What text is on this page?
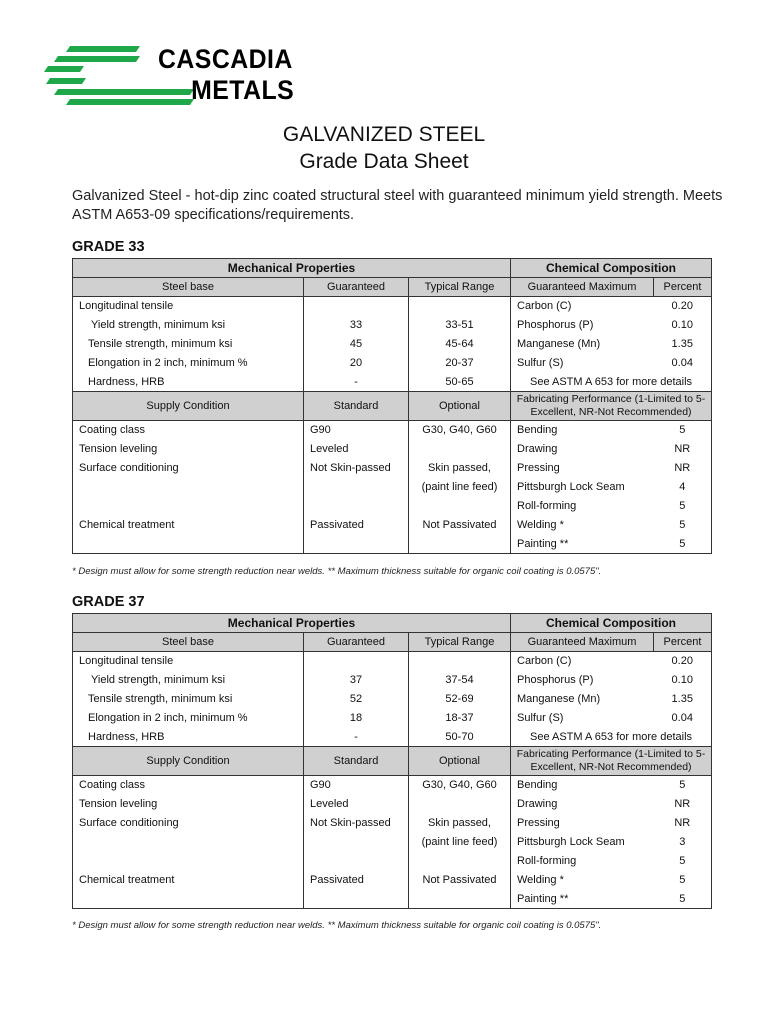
CASCADIA
METALS
GALVANIZED STEEL
Grade Data Sheet

Galvanized Steel - hot-dip zinc coated structural steel with guaranteed minimum yield strength. Meets ASTM A653-09 specifications/requirements.

GRADE 33
Mechanical Properties			Chemical Composition	
Steel base	Guaranteed	Typical Range	Guaranteed Maximum	Percent
Longitudinal tensile			Carbon (C)	0.20
Yield strength, minimum ksi	33	33-51	Phosphorus (P)	0.10
Tensile strength, minimum ksi	45	45-64	Manganese (Mn)	1.35
Elongation in 2 inch, minimum %	20	20-37	Sulfur (S)	0.04
Hardness, HRB	-	50-65	See ASTM A 653 for more details	
Supply Condition	Standard	Optional	Fabricating Performance (1-Limited to 5-Excellent, NR-Not Recommended)	
Coating class	G90	G30, G40, G60	Bending	5
Tension leveling	Leveled		Drawing	NR
Surface conditioning	Not Skin-passed	Skin passed,	Pressing	NR
		(paint line feed)	Pittsburgh Lock Seam	4
			Roll-forming	5
Chemical treatment	Passivated	Not Passivated	Welding *	5
			Painting **	5
* Design must allow for some strength reduction near welds. ** Maximum thickness suitable for organic coil coating is 0.0575".
GRADE 37
Mechanical Properties			Chemical Composition	
Steel base	Guaranteed	Typical Range	Guaranteed Maximum	Percent
Longitudinal tensile			Carbon (C)	0.20
Yield strength, minimum ksi	37	37-54	Phosphorus (P)	0.10
Tensile strength, minimum ksi	52	52-69	Manganese (Mn)	1.35
Elongation in 2 inch, minimum %	18	18-37	Sulfur (S)	0.04
Hardness, HRB	-	50-70	See ASTM A 653 for more details	
Supply Condition	Standard	Optional	Fabricating Performance (1-Limited to 5-Excellent, NR-Not Recommended)	
Coating class	G90	G30, G40, G60	Bending	5
Tension leveling	Leveled		Drawing	NR
Surface conditioning	Not Skin-passed	Skin passed,	Pressing	NR
		(paint line feed)	Pittsburgh Lock Seam	3
			Roll-forming	5
Chemical treatment	Passivated	Not Passivated	Welding *	5
			Painting **	5
* Design must allow for some strength reduction near welds. ** Maximum thickness suitable for organic coil coating is 0.0575".
